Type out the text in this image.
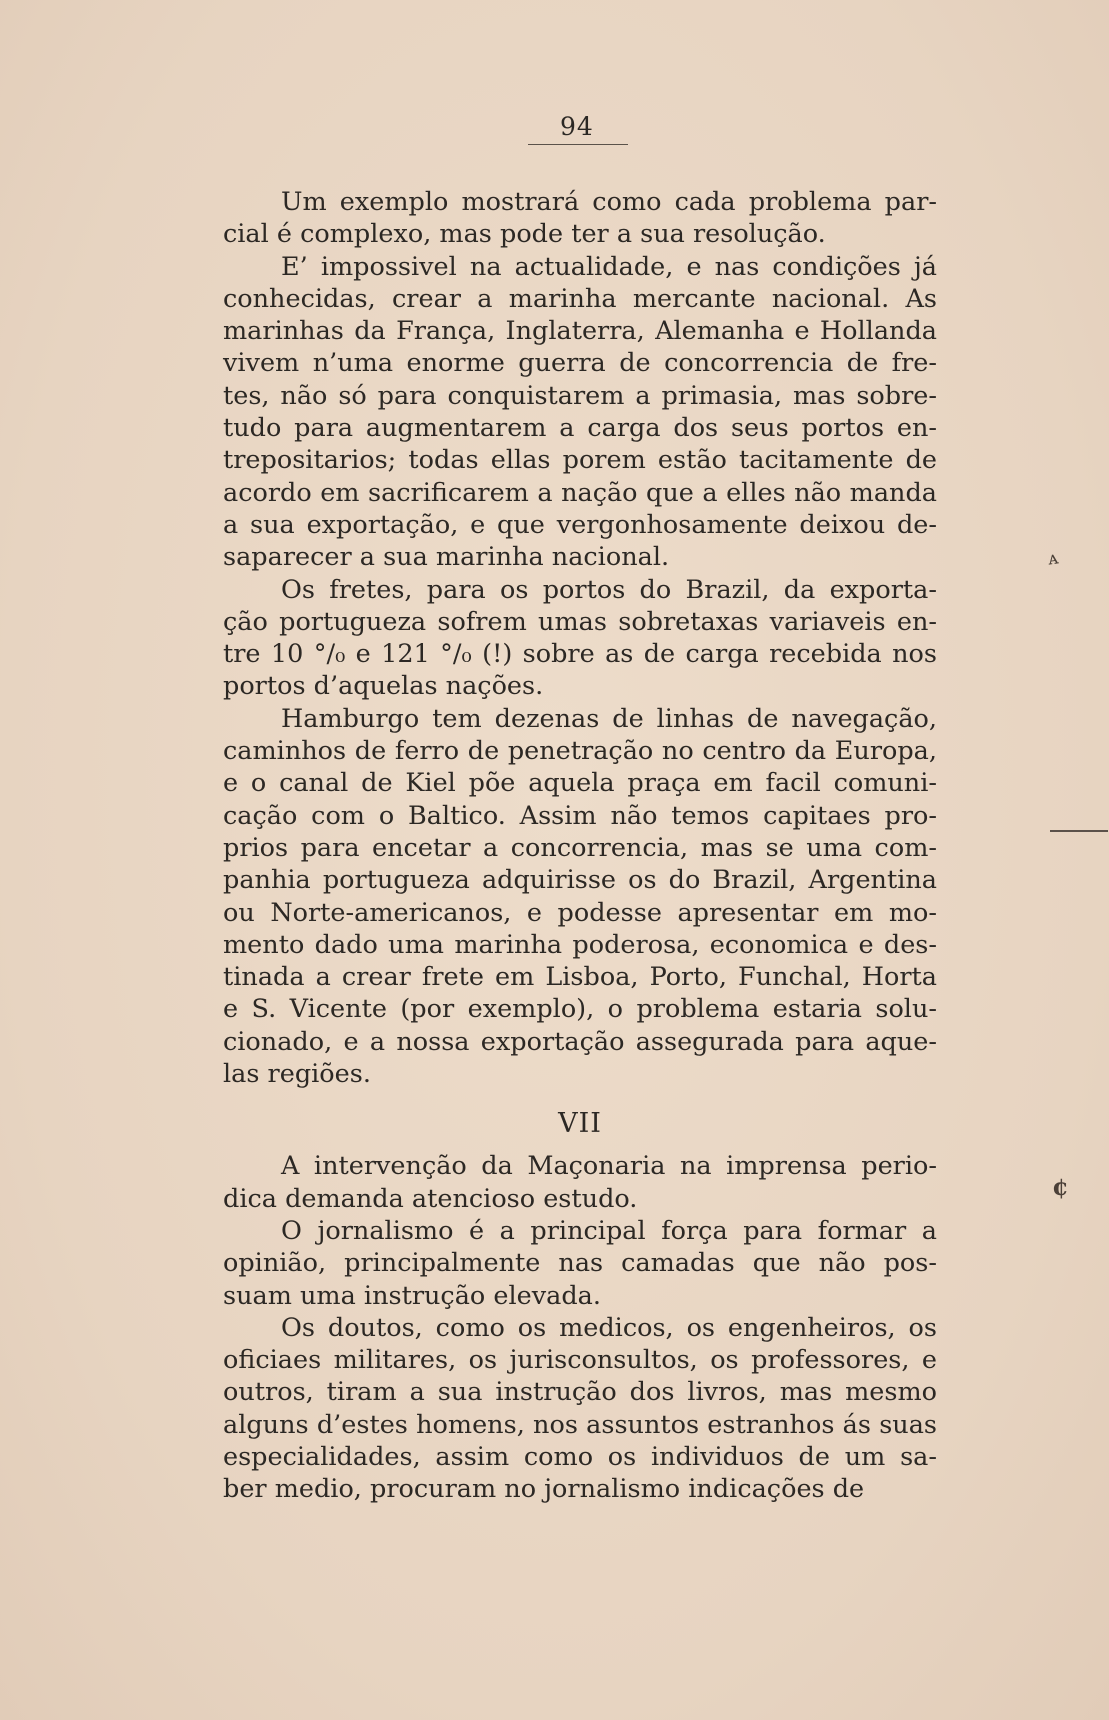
94
Um exemplo mostrará como cada problema par-
cial é complexo, mas pode ter a sua resolução.
E’ impossivel na actualidade, e nas condições já
conhecidas, crear a marinha mercante nacional. As
marinhas da França, Inglaterra, Alemanha e Hollanda
vivem n’uma enorme guerra de concorrencia de fre-
tes, não só para conquistarem a primasia, mas sobre-
tudo para augmentarem a carga dos seus portos en-
trepositarios; todas ellas porem estão tacitamente de
acordo em sacrificarem a nação que a elles não manda
a sua exportação, e que vergonhosamente deixou de-
saparecer a sua marinha nacional.
Os fretes, para os portos do Brazil, da exporta-
ção portugueza sofrem umas sobretaxas variaveis en-
tre 10 °/₀ e 121 °/₀ (!) sobre as de carga recebida nos
portos d’aquelas nações.
Hamburgo tem dezenas de linhas de navegação,
caminhos de ferro de penetração no centro da Europa,
e o canal de Kiel põe aquela praça em facil comuni-
cação com o Baltico. Assim não temos capitaes pro-
prios para encetar a concorrencia, mas se uma com-
panhia portugueza adquirisse os do Brazil, Argentina
ou Norte-americanos, e podesse apresentar em mo-
mento dado uma marinha poderosa, economica e des-
tinada a crear frete em Lisboa, Porto, Funchal, Horta
e S. Vicente (por exemplo), o problema estaria solu-
cionado, e a nossa exportação assegurada para aque-
las regiões.
VII
A intervenção da Maçonaria na imprensa perio-
dica demanda atencioso estudo.
O jornalismo é a principal força para formar a
opinião, principalmente nas camadas que não pos-
suam uma instrução elevada.
Os doutos, como os medicos, os engenheiros, os
oficiaes militares, os jurisconsultos, os professores, e
outros, tiram a sua instrução dos livros, mas mesmo
alguns d’estes homens, nos assuntos estranhos ás suas
especialidades, assim como os individuos de um sa-
ber medio, procuram no jornalismo indicações de
ᴀ
¢
